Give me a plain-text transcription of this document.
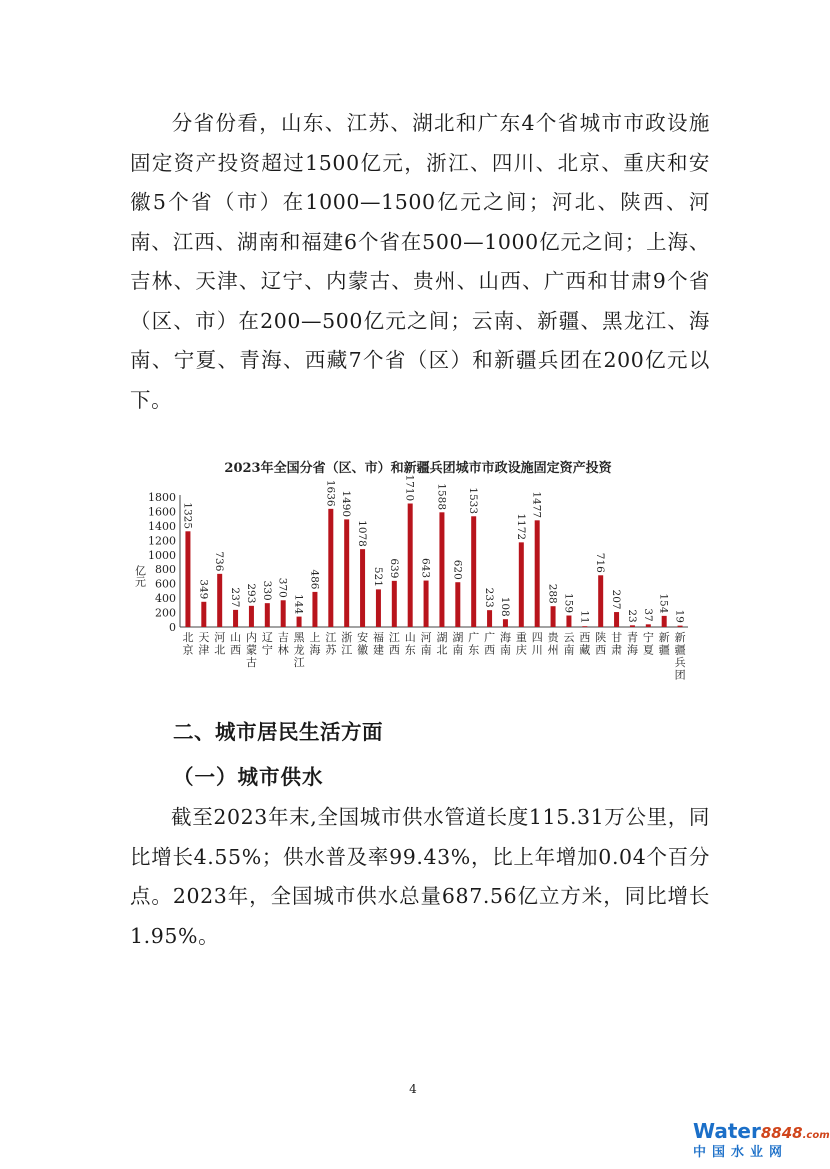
分省份看，山东、江苏、湖北和广东4个省城市市政设施固定资产投资超过1500亿元，浙江、四川、北京、重庆和安徽5个省（市）在1000—1500亿元之间；河北、陕西、河南、江西、湖南和福建6个省在500—1000亿元之间；上海、吉林、天津、辽宁、内蒙古、贵州、山西、广西和甘肃9个省（区、市）在200—500亿元之间；云南、新疆、黑龙江、海南、宁夏、青海、西藏7个省（区）和新疆兵团在200亿元以下。

2023年全国分省（区、市）和新疆兵团城市市政设施固定资产投资
亿元
0
200
400
600
800
1000
1200
1400
1600
1800
1325
349
736
237 293 330 370
144
486
1636 1490
1078
521 639
1710
643
1588
620
1533
233 108
1172
1477
288 159
11
716
207
23 37
154
19
北
京
天
津
河
北
山
西
内
蒙
古
辽
宁
吉
林
黑
龙
江
上
海
江
苏
浙
江
安
徽
福
建
江
西
山
东
河
南
湖
北
湖
南
广
东
广
西
海
南
重
庆
四
川
贵
州
云
南
西
藏
陕
西
甘
肃
青
海
宁
夏
新
疆
新
疆
兵
团
二、城市居民生活方面
（一）城市供水

截至2023年末,全国城市供水管道长度115.31万公里，同比增长4.55%；供水普及率99.43%，比上年增加0.04个百分点。2023年，全国城市供水总量687.56亿立方米，同比增长1.95%。

4
Water8848.com
中国水业网
